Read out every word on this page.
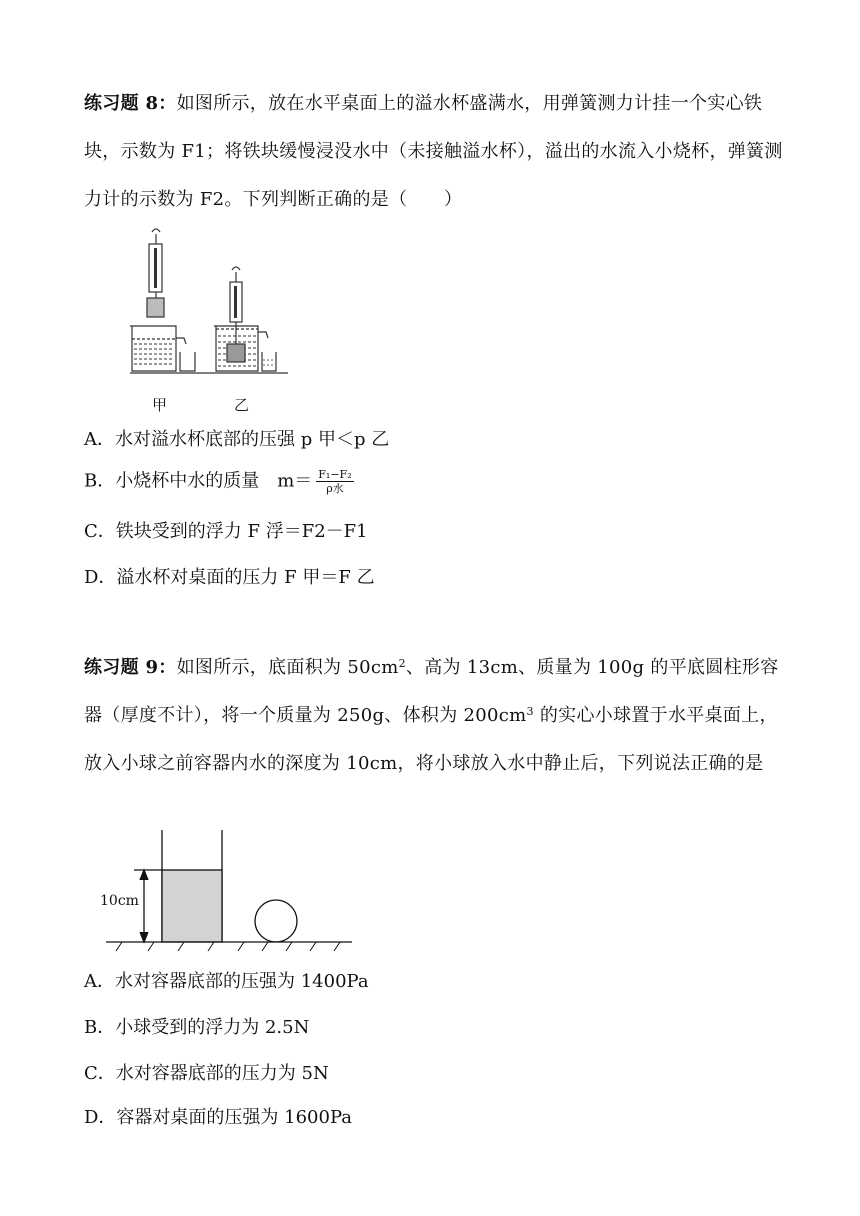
练习题 8：如图所示，放在水平桌面上的溢水杯盛满水，用弹簧测力计挂一个实心铁块，示数为 F1；将铁块缓慢浸没水中（未接触溢水杯），溢出的水流入小烧杯，弹簧测力计的示数为 F2。下列判断正确的是（　　）
甲	乙
A．水对溢水杯底部的压强 p 甲＜p 乙
B．小烧杯中水的质量　$m= \frac{\text{F₁−F₂}}{\text{ρ水}}$
C．铁块受到的浮力 F 浮＝F2－F1
D．溢水杯对桌面的压力 F 甲＝F 乙
练习题 9：如图所示，底面积为 $50cm^2$、高为 13cm、质量为 100g 的平底圆柱形容器（厚度不计），将一个质量为 250g、体积为 $200cm^3$ 的实心小球置于水平桌面上，放入小球之前容器内水的深度为 10cm，将小球放入水中静止后，下列说法正确的是
10cm
A．水对容器底部的压强为 1400Pa
B．小球受到的浮力为 2.5N
C．水对容器底部的压力为 5N
D．容器对桌面的压强为 1600Pa
